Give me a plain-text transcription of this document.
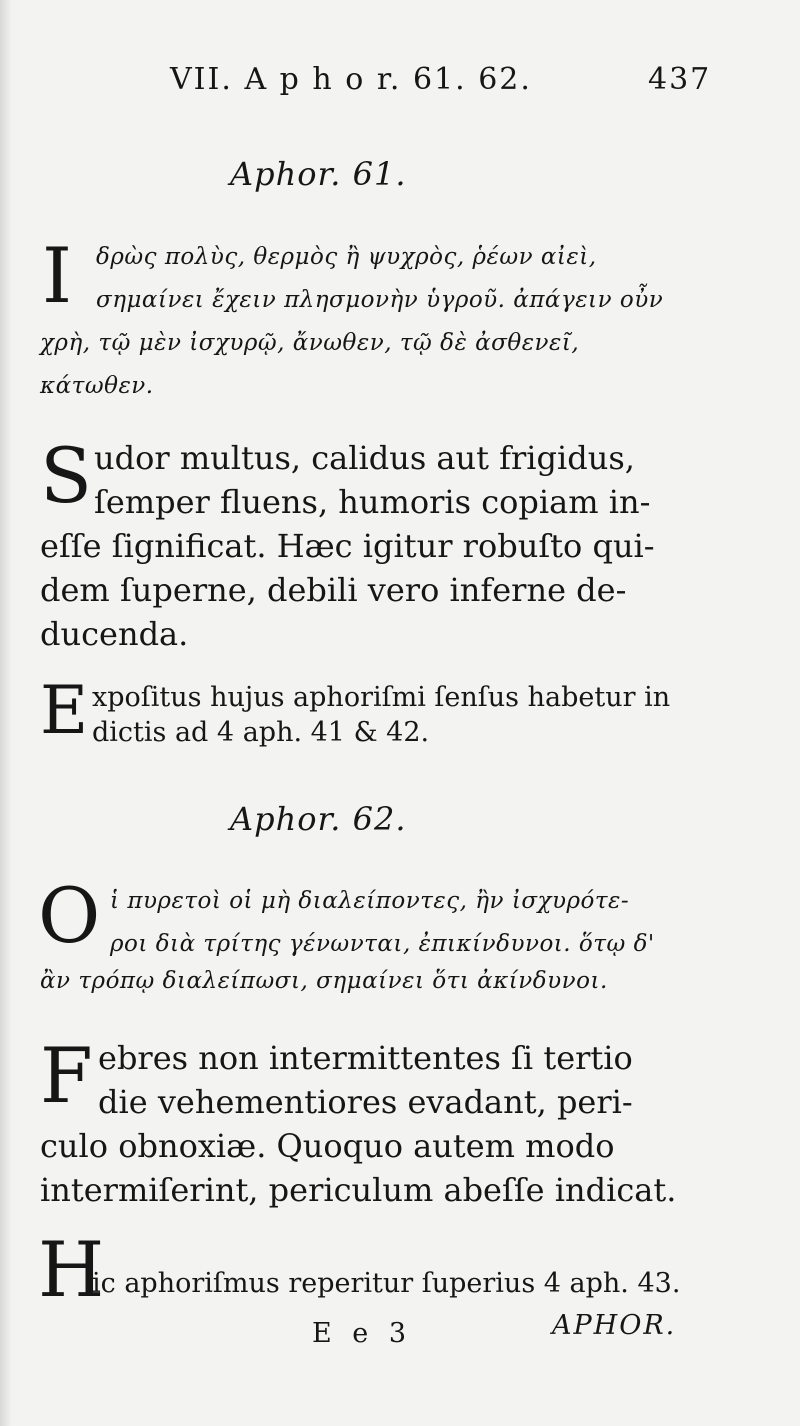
VII. A p h o r. 61. 62.	437
Aphor. 61.
Ι δρὼς πολὺς, θερμὸς ἢ ψυχρὸς, ῥέων αἰεὶ,
σημαίνει ἔχειν πλησμονὴν ὑγροῦ. ἀπάγειν οὖν
χρὴ, τῷ μὲν ἰσχυρῷ, ἄνωθεν, τῷ δὲ ἀσθενεῖ,
κάτωθεν.
S udor multus, calidus aut frigidus,
ſemper fluens, humoris copiam in-
eſſe ſignificat. Hæc igitur robuſto qui-
dem ſuperne, debili vero inferne de-
ducenda.
E xpoſitus hujus aphoriſmi ſenſus habetur in
dictis ad 4 aph. 41 & 42.
Aphor. 62.
O ἱ πυρετοὶ οἱ μὴ διαλείποντες, ἢν ἰσχυρότε-
ροι διὰ τρίτης γένωνται, ἐπικίνδυνοι. ὅτῳ δ'
ἂν τρόπῳ διαλείπωσι, σημαίνει ὅτι ἀκίνδυνοι.
F ebres non intermittentes ſi tertio
die vehementiores evadant, peri-
culo obnoxiæ. Quoquo autem modo
intermiſerint, periculum abeſſe indicat.
H
ic aphoriſmus reperitur ſuperius 4 aph. 43.
E e 3	APHOR.
